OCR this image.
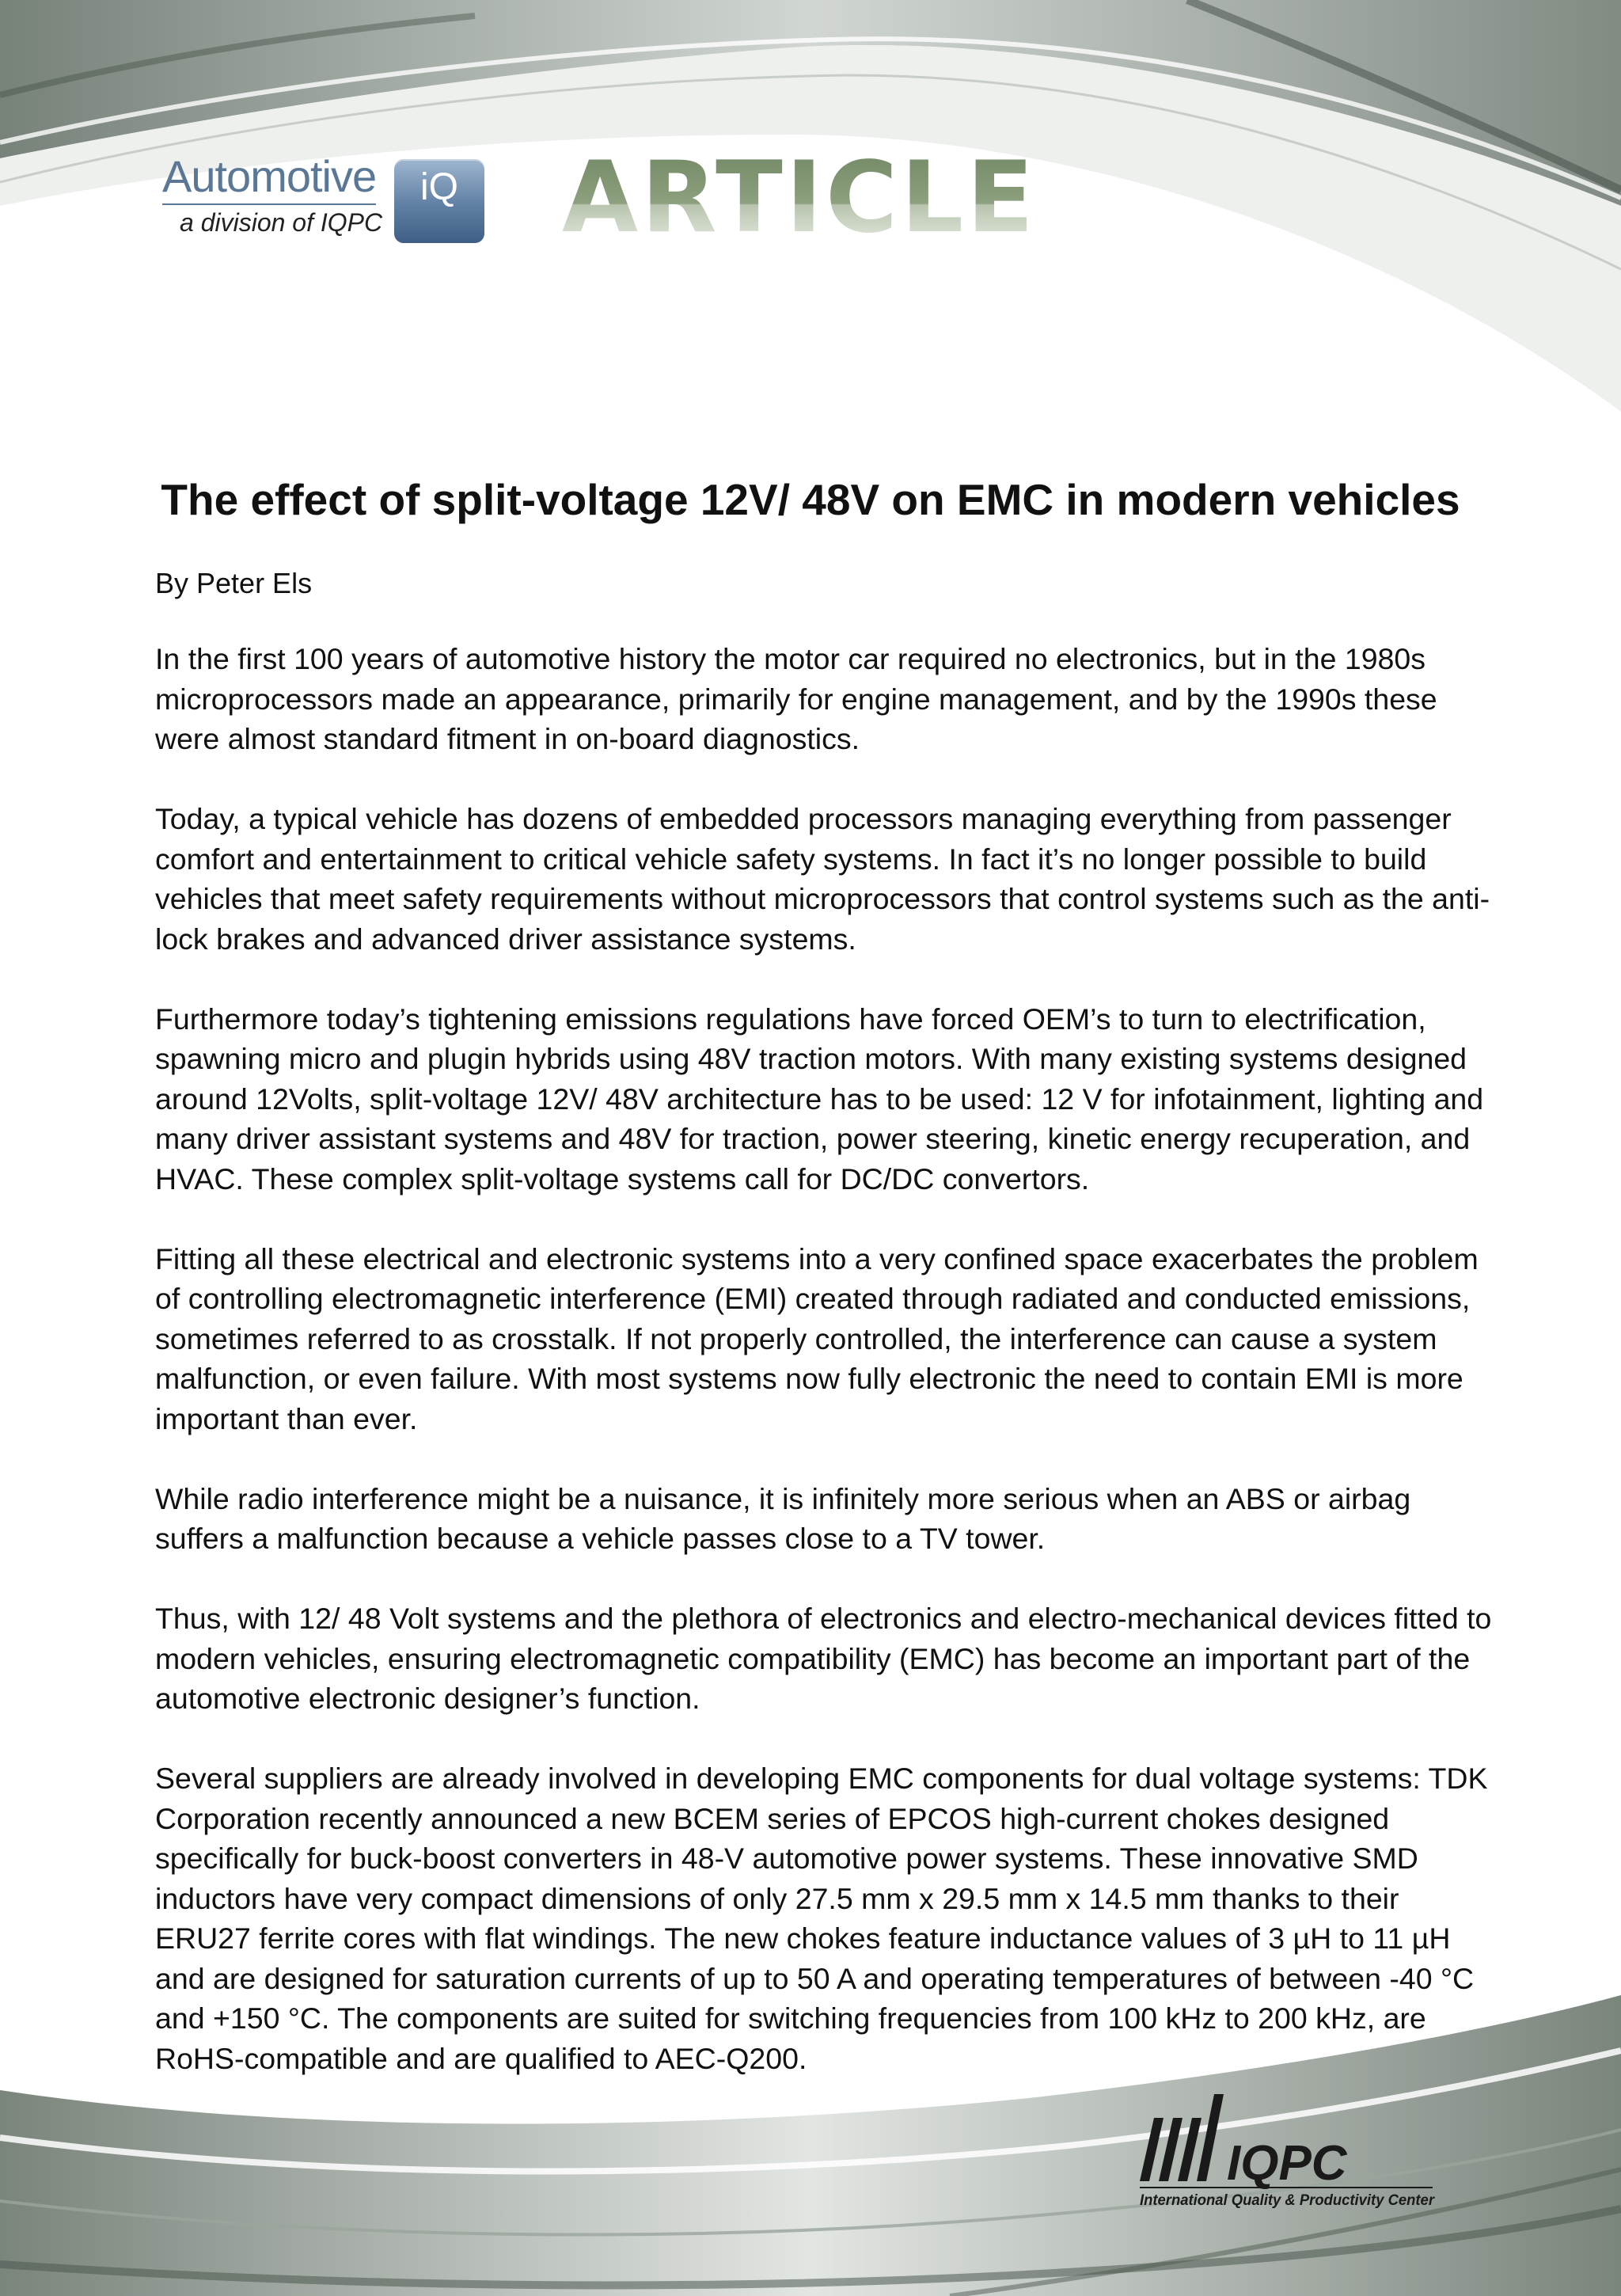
Automotive
a division of IQPC
iQ ARTICLE
The effect of split-voltage 12V/ 48V on EMC in modern vehicles

By Peter Els

In the first 100 years of automotive history the motor car required no electronics, but in the 1980s microprocessors made an appearance, primarily for engine management, and by the 1990s these were almost standard fitment in on-board diagnostics.

Today, a typical vehicle has dozens of embedded processors managing everything from passenger comfort and entertainment to critical vehicle safety systems. In fact it’s no longer possible to build vehicles that meet safety requirements without microprocessors that control systems such as the anti-lock brakes and advanced driver assistance systems.

Furthermore today’s tightening emissions regulations have forced OEM’s to turn to electrification, spawning micro and plugin hybrids using 48V traction motors. With many existing systems designed around 12Volts, split-voltage 12V/ 48V architecture has to be used: 12 V for infotainment, lighting and many driver assistant systems and 48V for traction, power steering, kinetic energy recuperation, and HVAC. These complex split-voltage systems call for DC/DC convertors.

Fitting all these electrical and electronic systems into a very confined space exacerbates the problem of controlling electromagnetic interference (EMI) created through radiated and conducted emissions, sometimes referred to as crosstalk. If not properly controlled, the interference can cause a system malfunction, or even failure. With most systems now fully electronic the need to contain EMI is more important than ever.

While radio interference might be a nuisance, it is infinitely more serious when an ABS or airbag suffers a malfunction because a vehicle passes close to a TV tower.

Thus, with 12/ 48 Volt systems and the plethora of electronics and electro-mechanical devices fitted to modern vehicles, ensuring electromagnetic compatibility (EMC) has become an important part of the automotive electronic designer’s function.

Several suppliers are already involved in developing EMC components for dual voltage systems: TDK Corporation recently announced a new BCEM series of EPCOS high-current chokes designed specifically for buck-boost converters in 48-V automotive power systems. These innovative SMD inductors have very compact dimensions of only 27.5 mm x 29.5 mm x 14.5 mm thanks to their ERU27 ferrite cores with flat windings. The new chokes feature inductance values of 3 µH to 11 µH and are designed for saturation currents of up to 50 A and operating temperatures of between -40 °C and +150 °C. The components are suited for switching frequencies from 100 kHz to 200 kHz, are RoHS-compatible and are qualified to AEC-Q200.

IQPC
International Quality & Productivity Center
